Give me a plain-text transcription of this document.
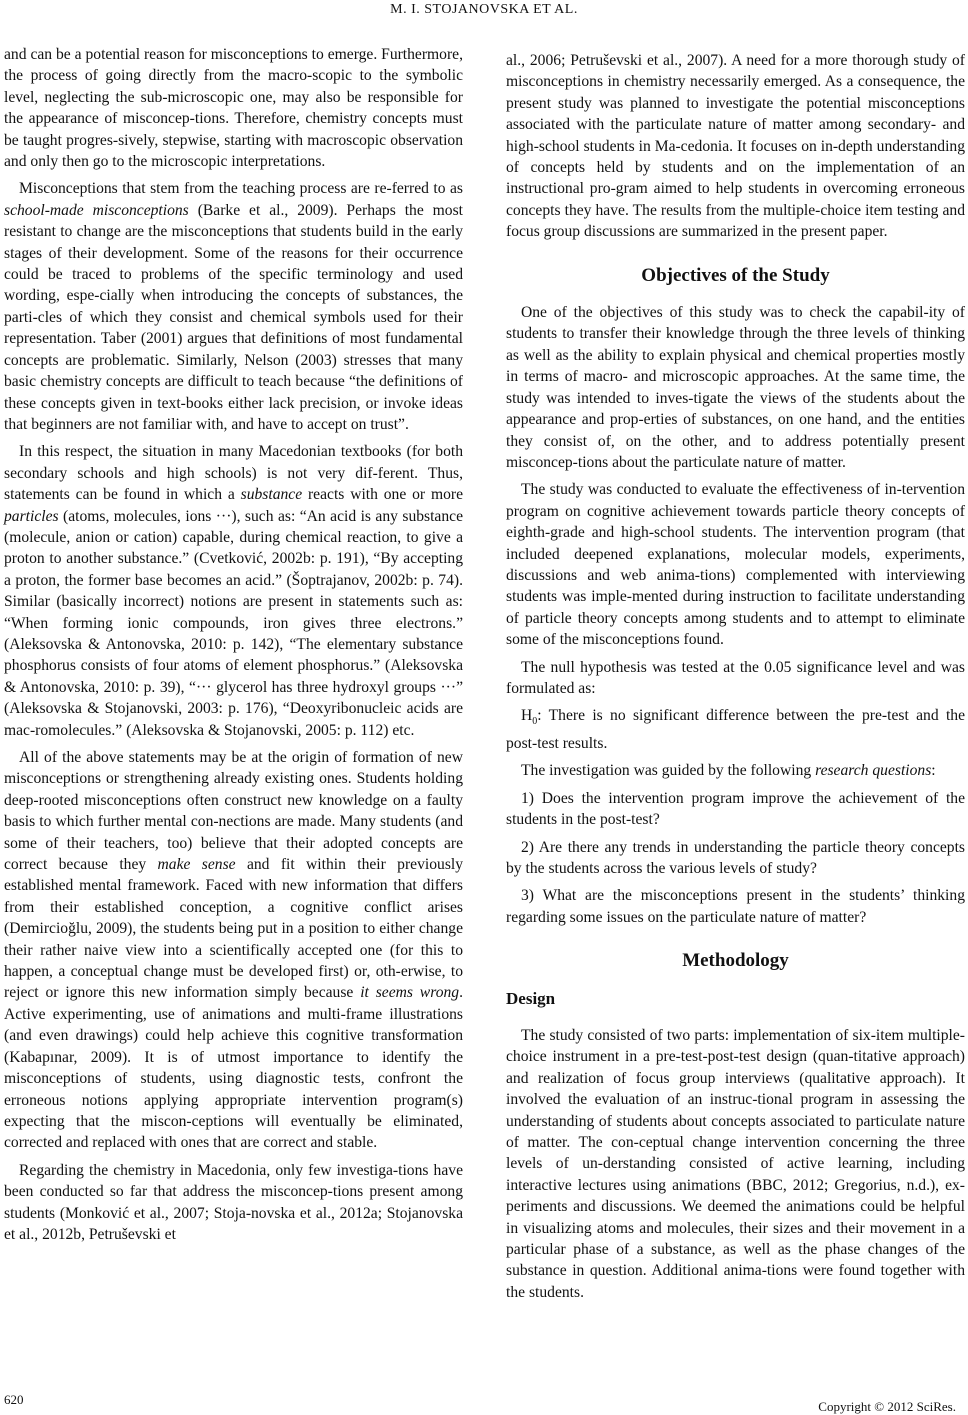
M. I. STOJANOVSKA ET AL.

and can be a potential reason for misconceptions to emerge. Furthermore, the process of going directly from the macro-scopic to the symbolic level, neglecting the sub-microscopic one, may also be responsible for the appearance of misconcep-tions. Therefore, chemistry concepts must be taught progres-sively, stepwise, starting with macroscopic observation and only then go to the microscopic interpretations.

Misconceptions that stem from the teaching process are re-ferred to as school-made misconceptions (Barke et al., 2009). Perhaps the most resistant to change are the misconceptions that students build in the early stages of their development. Some of the reasons for their occurrence could be traced to problems of the specific terminology and used wording, espe-cially when introducing the concepts of substances, the parti-cles of which they consist and chemical symbols used for their representation. Taber (2001) argues that definitions of most fundamental concepts are problematic. Similarly, Nelson (2003) stresses that many basic chemistry concepts are difficult to teach because “the definitions of these concepts given in text-books either lack precision, or invoke ideas that beginners are not familiar with, and have to accept on trust”.

In this respect, the situation in many Macedonian textbooks (for both secondary schools and high schools) is not very dif-ferent. Thus, statements can be found in which a substance reacts with one or more particles (atoms, molecules, ions ···), such as: “An acid is any substance (molecule, anion or cation) capable, during chemical reaction, to give a proton to another substance.” (Cvetković, 2002b: p. 191), “By accepting a proton, the former base becomes an acid.” (Šoptrajanov, 2002b: p. 74). Similar (basically incorrect) notions are present in statements such as: “When forming ionic compounds, iron gives three electrons.” (Aleksovska & Antonovska, 2010: p. 142), “The elementary substance phosphorus consists of four atoms of element phosphorus.” (Aleksovska & Antonovska, 2010: p. 39), “··· glycerol has three hydroxyl groups ···” (Aleksovska & Stojanovski, 2003: p. 176), “Deoxyribonucleic acids are mac-romolecules.” (Aleksovska & Stojanovski, 2005: p. 112) etc.

All of the above statements may be at the origin of formation of new misconceptions or strengthening already existing ones. Students holding deep-rooted misconceptions often construct new knowledge on a faulty basis to which further mental con-nections are made. Many students (and some of their teachers, too) believe that their adopted concepts are correct because they make sense and fit within their previously established mental framework. Faced with new information that differs from their established conception, a cognitive conflict arises (Demircioğlu, 2009), the students being put in a position to either change their rather naive view into a scientifically accepted one (for this to happen, a conceptual change must be developed first) or, oth-erwise, to reject or ignore this new information simply because it seems wrong. Active experimenting, use of animations and multi-frame illustrations (and even drawings) could help achieve this cognitive transformation (Kabapınar, 2009). It is of utmost importance to identify the misconceptions of students, using diagnostic tests, confront the erroneous notions applying appropriate intervention program(s) expecting that the miscon-ceptions will eventually be eliminated, corrected and replaced with ones that are correct and stable.

Regarding the chemistry in Macedonia, only few investiga-tions have been conducted so far that address the misconcep-tions present among students (Monković et al., 2007; Stoja-novska et al., 2012a; Stojanovska et al., 2012b, Petruševski et

al., 2006; Petruševski et al., 2007). A need for a more thorough study of misconceptions in chemistry necessarily emerged. As a consequence, the present study was planned to investigate the potential misconceptions associated with the particulate nature of matter among secondary- and high-school students in Ma-cedonia. It focuses on in-depth understanding of concepts held by students and on the implementation of an instructional pro-gram aimed to help students in overcoming erroneous concepts they have. The results from the multiple-choice item testing and focus group discussions are summarized in the present paper.

Objectives of the Study

One of the objectives of this study was to check the capabil-ity of students to transfer their knowledge through the three levels of thinking as well as the ability to explain physical and chemical properties mostly in terms of macro- and microscopic approaches. At the same time, the study was intended to inves-tigate the views of the students about the appearance and prop-erties of substances, on one hand, and the entities they consist of, on the other, and to address potentially present misconcep-tions about the particulate nature of matter.

The study was conducted to evaluate the effectiveness of in-tervention program on cognitive achievement towards particle theory concepts of eighth-grade and high-school students. The intervention program (that included deepened explanations, molecular models, experiments, discussions and web anima-tions) complemented with interviewing students was imple-mented during instruction to facilitate understanding of particle theory concepts among students and to attempt to eliminate some of the misconceptions found.

The null hypothesis was tested at the 0.05 significance level and was formulated as:

$H_0$: There is no significant difference between the pre-test and the post-test results.

The investigation was guided by the following research questions:

1) Does the intervention program improve the achievement of the students in the post-test?

2) Are there any trends in understanding the particle theory concepts by the students across the various levels of study?

3) What are the misconceptions present in the students’ thinking regarding some issues on the particulate nature of matter?

Methodology
Design

The study consisted of two parts: implementation of six-item multiple-choice instrument in a pre-test-post-test design (quan-titative approach) and realization of focus group interviews (qualitative approach). It involved the evaluation of an instruc-tional program in assessing the understanding of students about concepts associated to particulate nature of matter. The con-ceptual change intervention concerning the three levels of un-derstanding consisted of active learning, including interactive lectures using animations (BBC, 2012; Gregorius, n.d.), ex-periments and discussions. We deemed the animations could be helpful in visualizing atoms and molecules, their sizes and their movement in a particular phase of a substance, as well as the phase changes of the substance in question. Additional anima-tions were found together with the students.

620	Copyright © 2012 SciRes.
